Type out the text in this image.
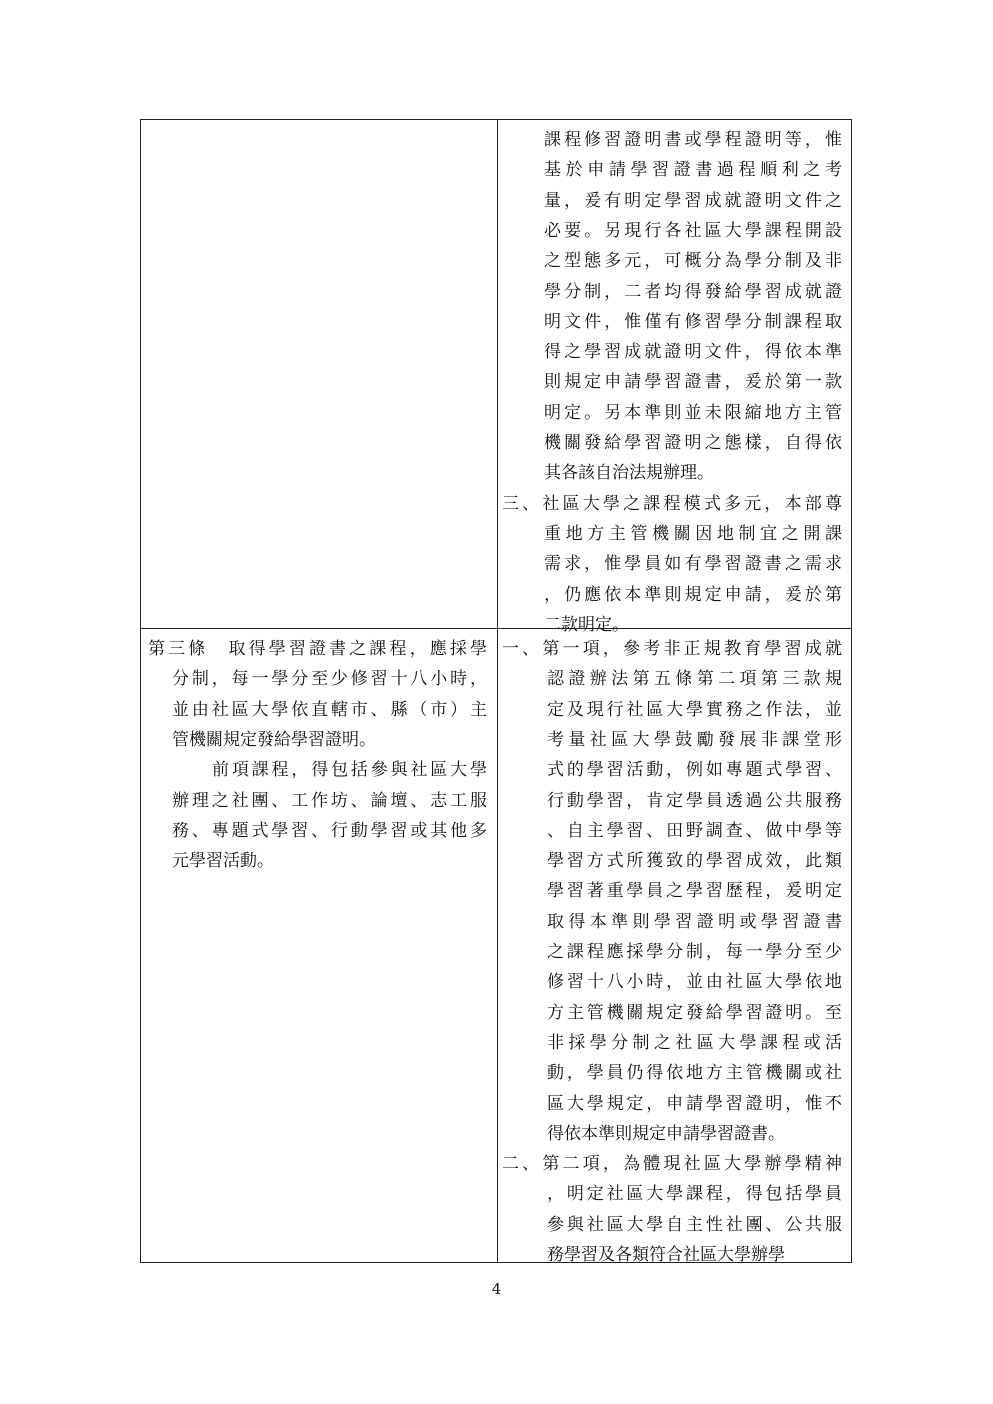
課程修習證明書或學程證明等，惟
基於申請學習證書過程順利之考
量，爰有明定學習成就證明文件之
必要。另現行各社區大學課程開設
之型態多元，可概分為學分制及非
學分制，二者均得發給學習成就證
明文件，惟僅有修習學分制課程取
得之學習成就證明文件，得依本準
則規定申請學習證書，爰於第一款
明定。另本準則並未限縮地方主管
機關發給學習證明之態樣，自得依
其各該自治法規辦理。
三、社區大學之課程模式多元，本部尊
重地方主管機關因地制宜之開課
需求，惟學員如有學習證書之需求
，仍應依本準則規定申請，爰於第
二款明定。
第三條　取得學習證書之課程，應採學
分制，每一學分至少修習十八小時，
並由社區大學依直轄市、縣（市）主
管機關規定發給學習證明。
前項課程，得包括參與社區大學
辦理之社團、工作坊、論壇、志工服
務、專題式學習、行動學習或其他多
元學習活動。
一、第一項，參考非正規教育學習成就
認證辦法第五條第二項第三款規
定及現行社區大學實務之作法，並
考量社區大學鼓勵發展非課堂形
式的學習活動，例如專題式學習、
行動學習，肯定學員透過公共服務
、自主學習、田野調查、做中學等
學習方式所獲致的學習成效，此類
學習著重學員之學習歷程，爰明定
取得本準則學習證明或學習證書
之課程應採學分制，每一學分至少
修習十八小時，並由社區大學依地
方主管機關規定發給學習證明。至
非採學分制之社區大學課程或活
動，學員仍得依地方主管機關或社
區大學規定，申請學習證明，惟不
得依本準則規定申請學習證書。
二、第二項，為體現社區大學辦學精神
，明定社區大學課程，得包括學員
參與社區大學自主性社團、公共服
務學習及各類符合社區大學辦學
4
